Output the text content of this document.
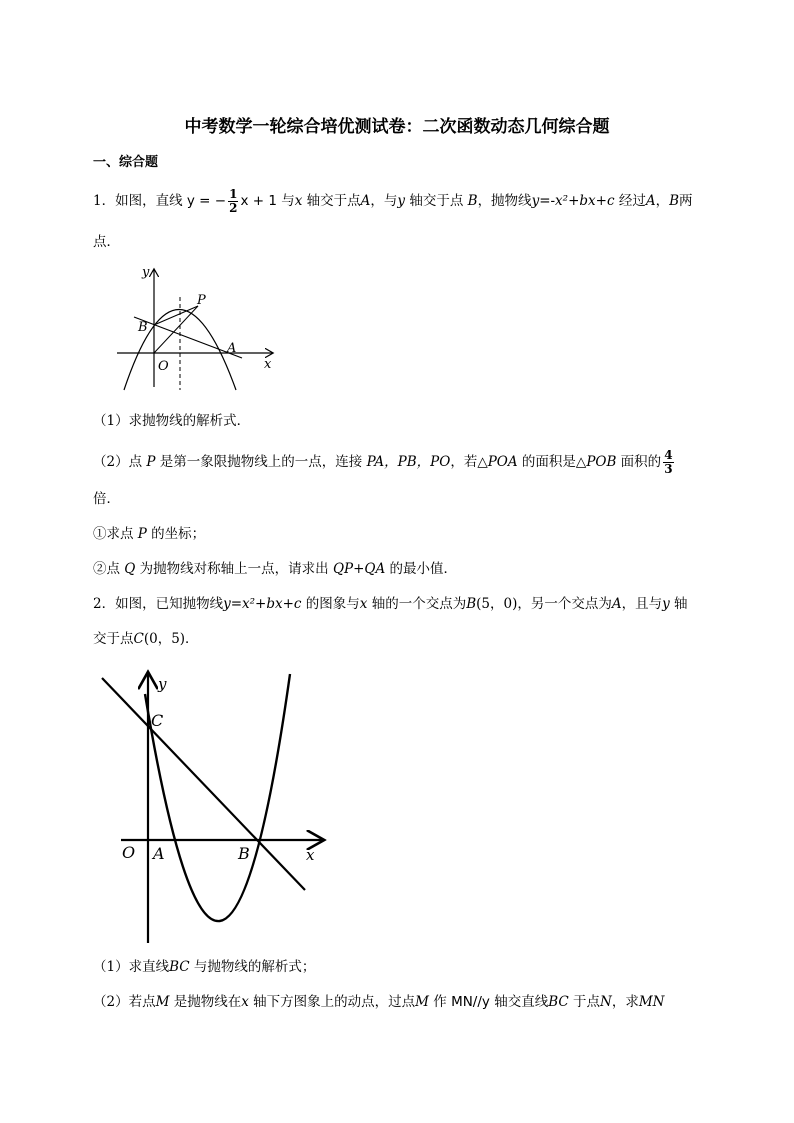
中考数学一轮综合培优测试卷：二次函数动态几何综合题
一、综合题
1．如图，直线 y = − $\frac{1}{2}$ x + 1 与x 轴交于点A，与y 轴交于点 B，抛物线y=-x²+bx+c 经过A，B两
点．
y
x
O
B
A
P
（1）求抛物线的解析式．
（2）点 P 是第一象限抛物线上的一点，连接 PA，PB，PO，若△POA 的面积是△POB 面积的 $\frac{4}{3}$
倍．
①求点 P 的坐标；
②点 Q 为抛物线对称轴上一点，请求出 QP+QA 的最小值．
2．如图，已知抛物线y=x²+bx+c 的图象与x 轴的一个交点为B(5，0)，另一个交点为A，且与y 轴
交于点C(0，5)．
y
x
C
O A	B
（1）求直线BC 与抛物线的解析式；
（2）若点M 是抛物线在x 轴下方图象上的动点，过点M 作 MN//y 轴交直线BC 于点N，求MN
